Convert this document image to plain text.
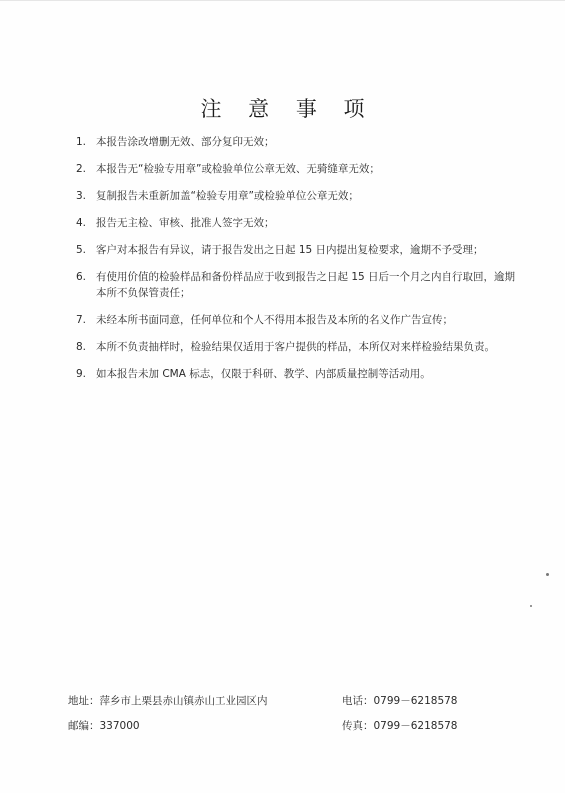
注 意 事 项
1. 本报告涂改增删无效、部分复印无效；
2. 本报告无“检验专用章”或检验单位公章无效、无骑缝章无效；
3. 复制报告未重新加盖“检验专用章”或检验单位公章无效；
4. 报告无主检、审核、批准人签字无效；
5. 客户对本报告有异议，请于报告发出之日起 15 日内提出复检要求，逾期不予受理；
6. 有使用价值的检验样品和备份样品应于收到报告之日起 15 日后一个月之内自行取回，逾期本所不负保管责任；
7. 未经本所书面同意，任何单位和个人不得用本报告及本所的名义作广告宣传；
8. 本所不负责抽样时，检验结果仅适用于客户提供的样品，本所仅对来样检验结果负责。
9. 如本报告未加 CMA 标志，仅限于科研、教学、内部质量控制等活动用。
地址：萍乡市上栗县赤山镇赤山工业园区内
邮编：337000
电话：0799－6218578
传真：0799－6218578
